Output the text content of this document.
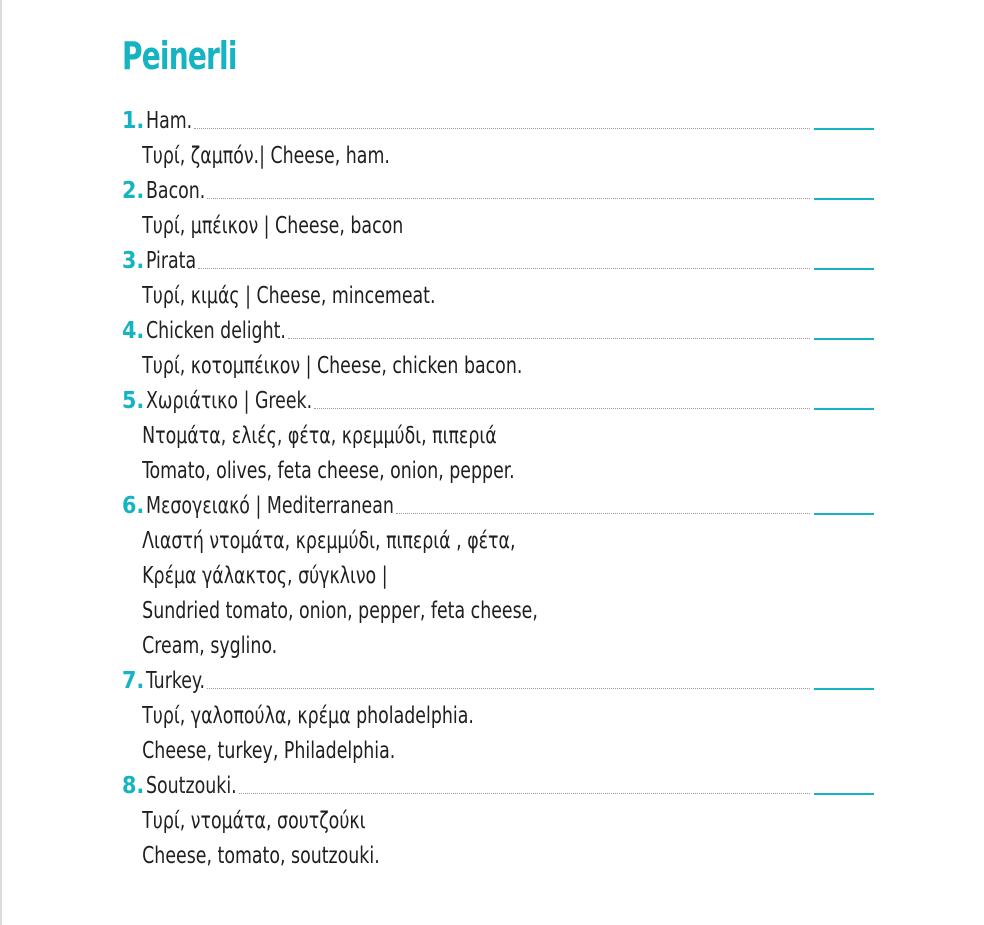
Peinerli
1. Ham.
Τυρί, ζαμπόν.| Cheese, ham.
2. Bacon.
Τυρί, μπέικον | Cheese, bacon
3. Pirata
Τυρί, κιμάς | Cheese, mincemeat.
4. Chicken delight.
Τυρί, κοτομπέικον | Cheese, chicken bacon.
5. Χωριάτικο | Greek.
Ντομάτα, ελιές, φέτα, κρεμμύδι, πιπεριά
Tomato, olives, feta cheese, onion, pepper.
6. Μεσογειακό | Mediterranean
Λιαστή ντομάτα, κρεμμύδι, πιπεριά , φέτα,
Κρέμα γάλακτος, σύγκλινο |
Sundried tomato, onion, pepper, feta cheese,
Cream, syglino.
7. Turkey.
Τυρί, γαλοπούλα, κρέμα pholadelphia.
Cheese, turkey, Philadelphia.
8. Soutzouki.
Τυρί, ντομάτα, σουτζούκι
Cheese, tomato, soutzouki.
